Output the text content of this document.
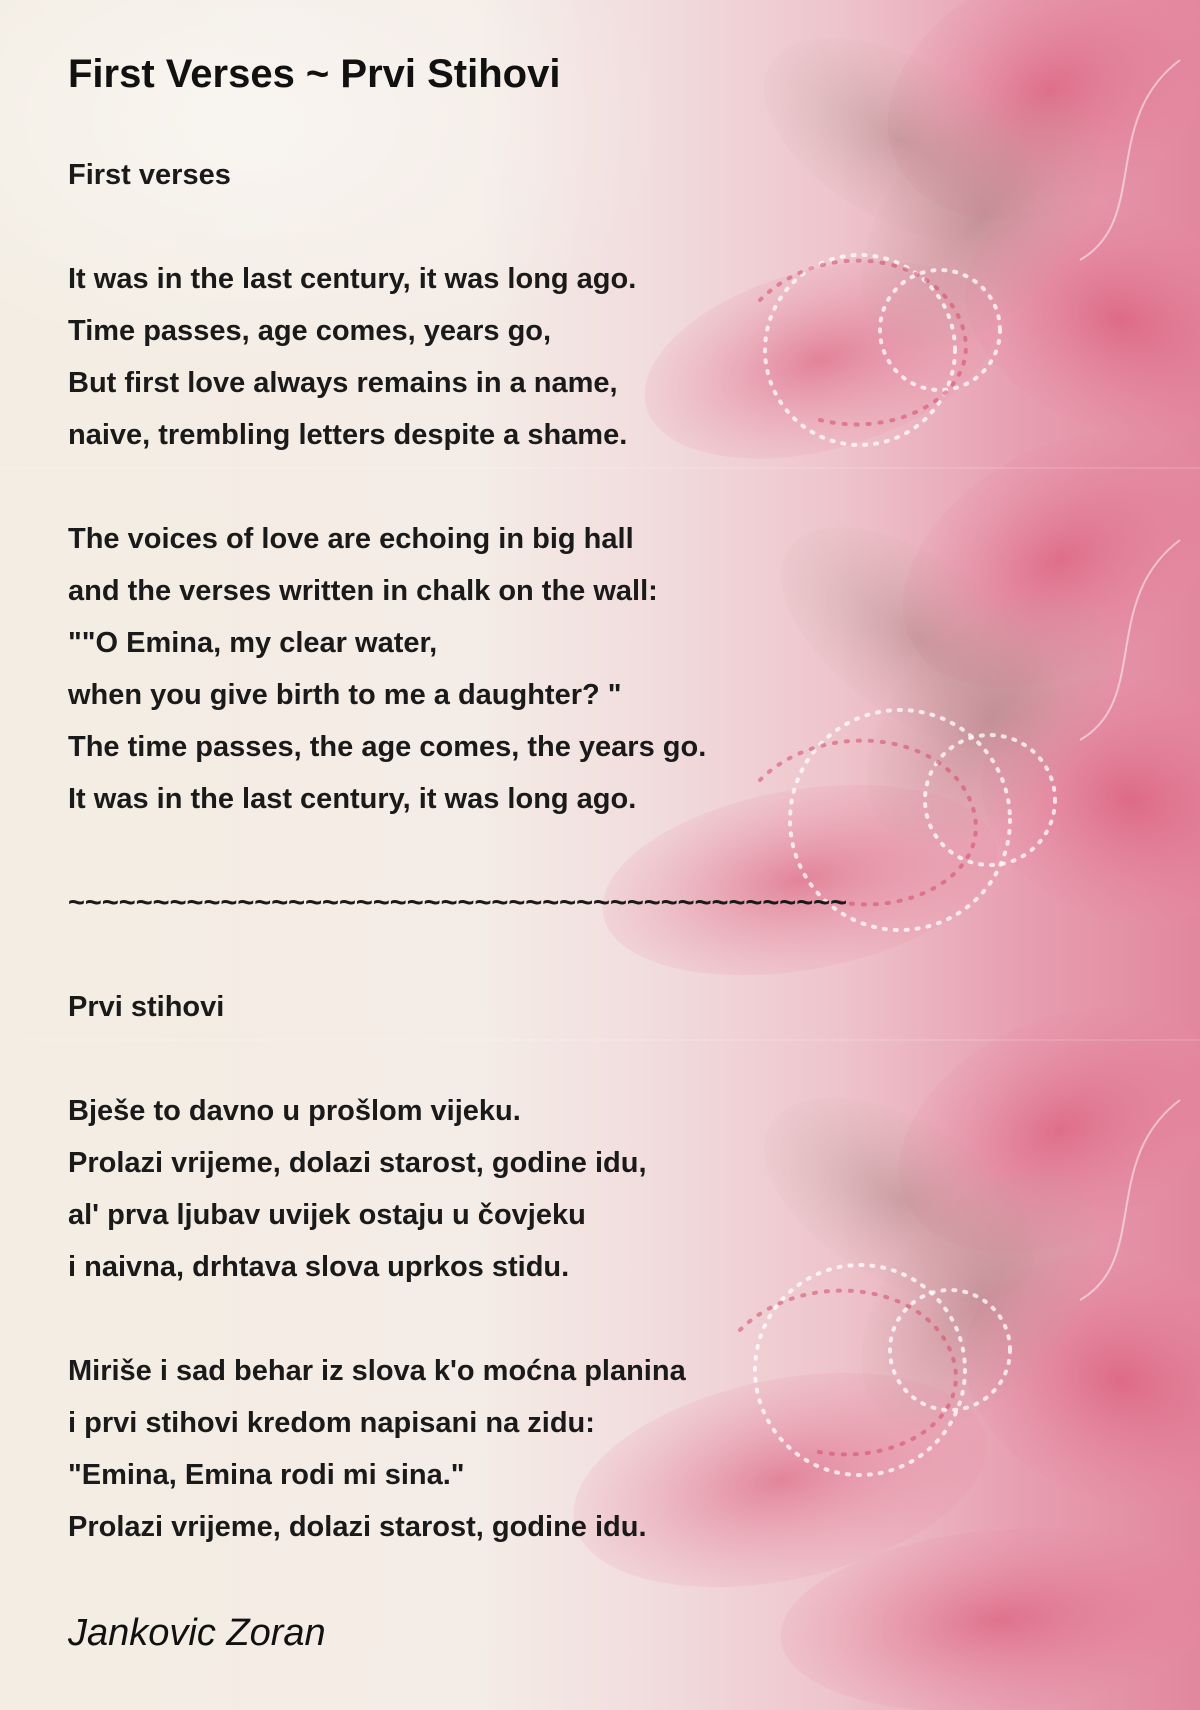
First Verses ~ Prvi Stihovi
First verses
It was in the last century, it was long ago.
Time passes, age comes, years go,
But first love always remains in a name,
naive, trembling letters despite a shame.
The voices of love are echoing in big hall
and the verses written in chalk on the wall:
""O Emina, my clear water,
when you give birth to me a daughter? "
The time passes, the age comes, the years go.
It was in the last century, it was long ago.
~~~~~~~~~~~~~~~~~~~~~~~~~~~~~~~~~~~~~~~~~~~~~~
Prvi stihovi
Bješe to davno u prošlom vijeku.
Prolazi vrijeme, dolazi starost, godine idu,
al' prva ljubav uvijek ostaju u čovjeku
i naivna, drhtava slova uprkos stidu.
Miriše i sad behar iz slova k'o moćna planina
i prvi stihovi kredom napisani na zidu:
"Emina, Emina rodi mi sina."
Prolazi vrijeme, dolazi starost, godine idu.
Jankovic Zoran
